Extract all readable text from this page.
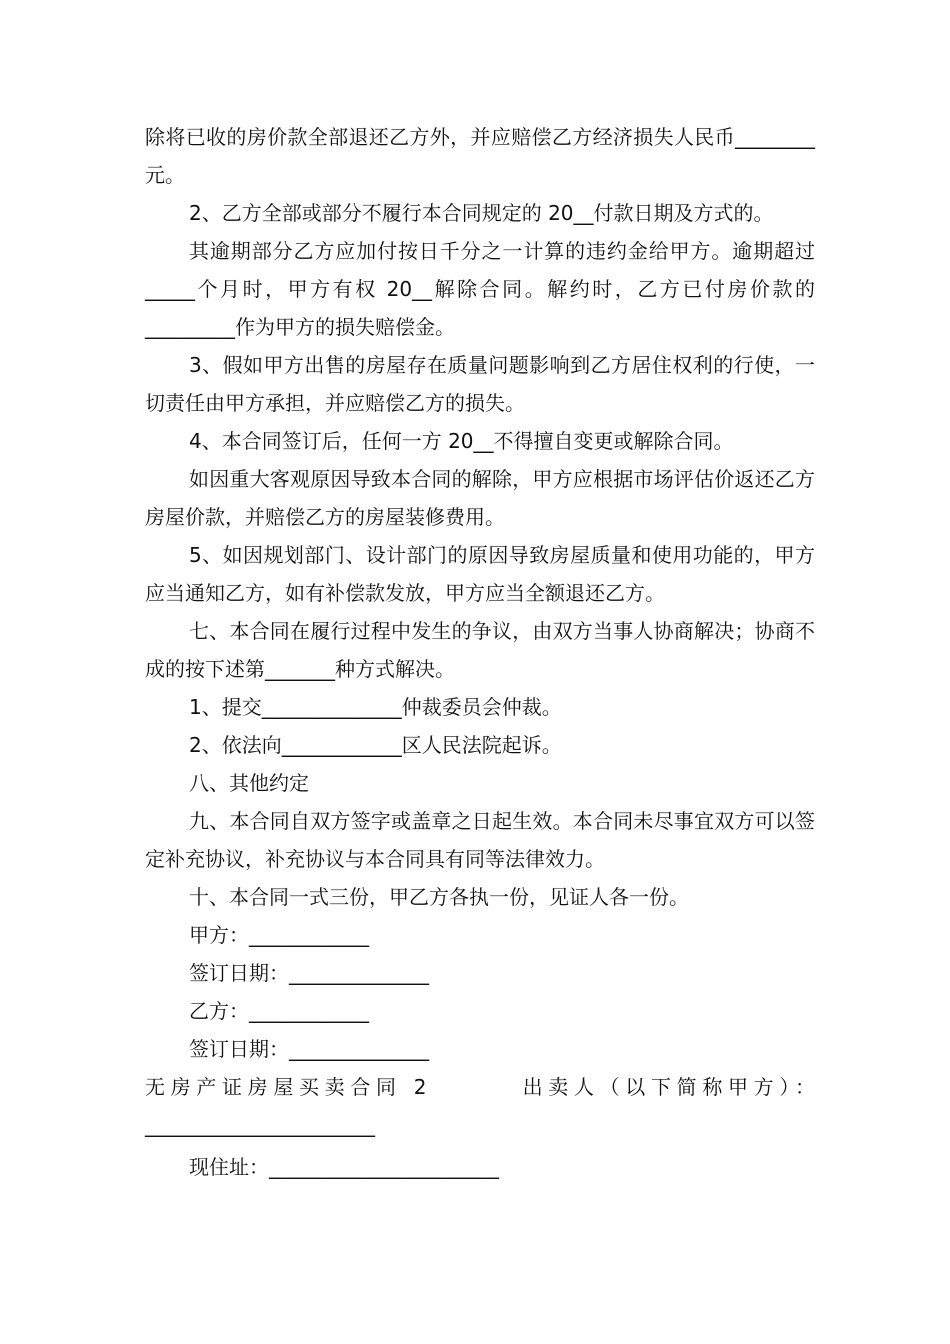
除将已收的房价款全部退还乙方外，并应赔偿乙方经济损失人民币________元。

2、乙方全部或部分不履行本合同规定的 20__付款日期及方式的。

其逾期部分乙方应加付按日千分之一计算的违约金给甲方。逾期超过_____个月时，甲方有权 20__解除合同。解约时，乙方已付房价款的_________作为甲方的损失赔偿金。

3、假如甲方出售的房屋存在质量问题影响到乙方居住权利的行使，一切责任由甲方承担，并应赔偿乙方的损失。

4、本合同签订后，任何一方 20__不得擅自变更或解除合同。

如因重大客观原因导致本合同的解除，甲方应根据市场评估价返还乙方房屋价款，并赔偿乙方的房屋装修费用。

5、如因规划部门、设计部门的原因导致房屋质量和使用功能的，甲方应当通知乙方，如有补偿款发放，甲方应当全额退还乙方。

七、本合同在履行过程中发生的争议，由双方当事人协商解决；协商不成的按下述第_______种方式解决。

1、提交______________仲裁委员会仲裁。

2、依法向____________区人民法院起诉。

八、其他约定

九、本合同自双方签字或盖章之日起生效。本合同未尽事宜双方可以签定补充协议，补充协议与本合同具有同等法律效力。

十、本合同一式三份，甲乙方各执一份，见证人各一份。

甲方：____________

签订日期：______________

乙方：____________

签订日期：______________

无房产证房屋买卖合同 2        出卖人（以下简称甲方）：_______________________

现住址：_______________________
